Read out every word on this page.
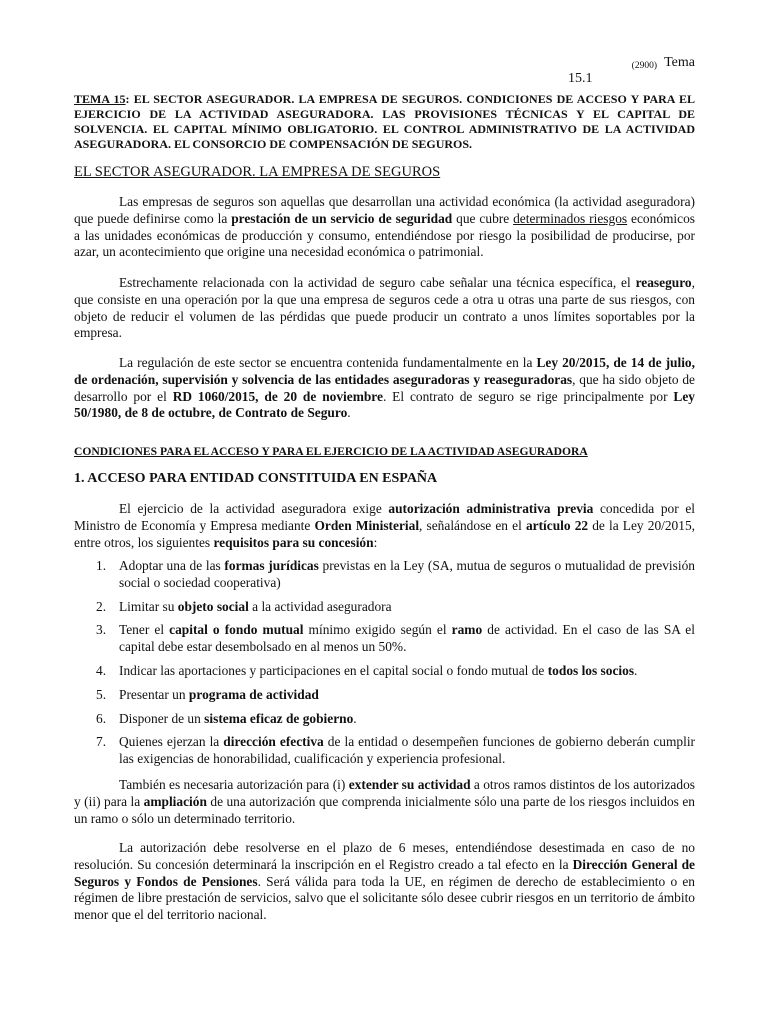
(2900) Tema
15.1
TEMA 15: EL SECTOR ASEGURADOR. LA EMPRESA DE SEGUROS. CONDICIONES DE ACCESO Y PARA EL EJERCICIO DE LA ACTIVIDAD ASEGURADORA. LAS PROVISIONES TÉCNICAS Y EL CAPITAL DE SOLVENCIA. EL CAPITAL MÍNIMO OBLIGATORIO. EL CONTROL ADMINISTRATIVO DE LA ACTIVIDAD ASEGURADORA. EL CONSORCIO DE COMPENSACIÓN DE SEGUROS.
EL SECTOR ASEGURADOR. LA EMPRESA DE SEGUROS
Las empresas de seguros son aquellas que desarrollan una actividad económica (la actividad aseguradora) que puede definirse como la prestación de un servicio de seguridad que cubre determinados riesgos económicos a las unidades económicas de producción y consumo, entendiéndose por riesgo la posibilidad de producirse, por azar, un acontecimiento que origine una necesidad económica o patrimonial.
Estrechamente relacionada con la actividad de seguro cabe señalar una técnica específica, el reaseguro, que consiste en una operación por la que una empresa de seguros cede a otra u otras una parte de sus riesgos, con objeto de reducir el volumen de las pérdidas que puede producir un contrato a unos límites soportables por la empresa.
La regulación de este sector se encuentra contenida fundamentalmente en la Ley 20/2015, de 14 de julio, de ordenación, supervisión y solvencia de las entidades aseguradoras y reaseguradoras, que ha sido objeto de desarrollo por el RD 1060/2015, de 20 de noviembre. El contrato de seguro se rige principalmente por Ley 50/1980, de 8 de octubre, de Contrato de Seguro.
CONDICIONES PARA EL ACCESO Y PARA EL EJERCICIO DE LA ACTIVIDAD ASEGURADORA
1. ACCESO PARA ENTIDAD CONSTITUIDA EN ESPAÑA
El ejercicio de la actividad aseguradora exige autorización administrativa previa concedida por el Ministro de Economía y Empresa mediante Orden Ministerial, señalándose en el artículo 22 de la Ley 20/2015, entre otros, los siguientes requisitos para su concesión:
1. Adoptar una de las formas jurídicas previstas en la Ley (SA, mutua de seguros o mutualidad de previsión social o sociedad cooperativa)
2. Limitar su objeto social a la actividad aseguradora
3. Tener el capital o fondo mutual mínimo exigido según el ramo de actividad. En el caso de las SA el capital debe estar desembolsado en al menos un 50%.
4. Indicar las aportaciones y participaciones en el capital social o fondo mutual de todos los socios.
5. Presentar un programa de actividad
6. Disponer de un sistema eficaz de gobierno.
7. Quienes ejerzan la dirección efectiva de la entidad o desempeñen funciones de gobierno deberán cumplir las exigencias de honorabilidad, cualificación y experiencia profesional.
También es necesaria autorización para (i) extender su actividad a otros ramos distintos de los autorizados y (ii) para la ampliación de una autorización que comprenda inicialmente sólo una parte de los riesgos incluidos en un ramo o sólo un determinado territorio.
La autorización debe resolverse en el plazo de 6 meses, entendiéndose desestimada en caso de no resolución. Su concesión determinará la inscripción en el Registro creado a tal efecto en la Dirección General de Seguros y Fondos de Pensiones. Será válida para toda la UE, en régimen de derecho de establecimiento o en régimen de libre prestación de servicios, salvo que el solicitante sólo desee cubrir riesgos en un territorio de ámbito menor que el del territorio nacional.
